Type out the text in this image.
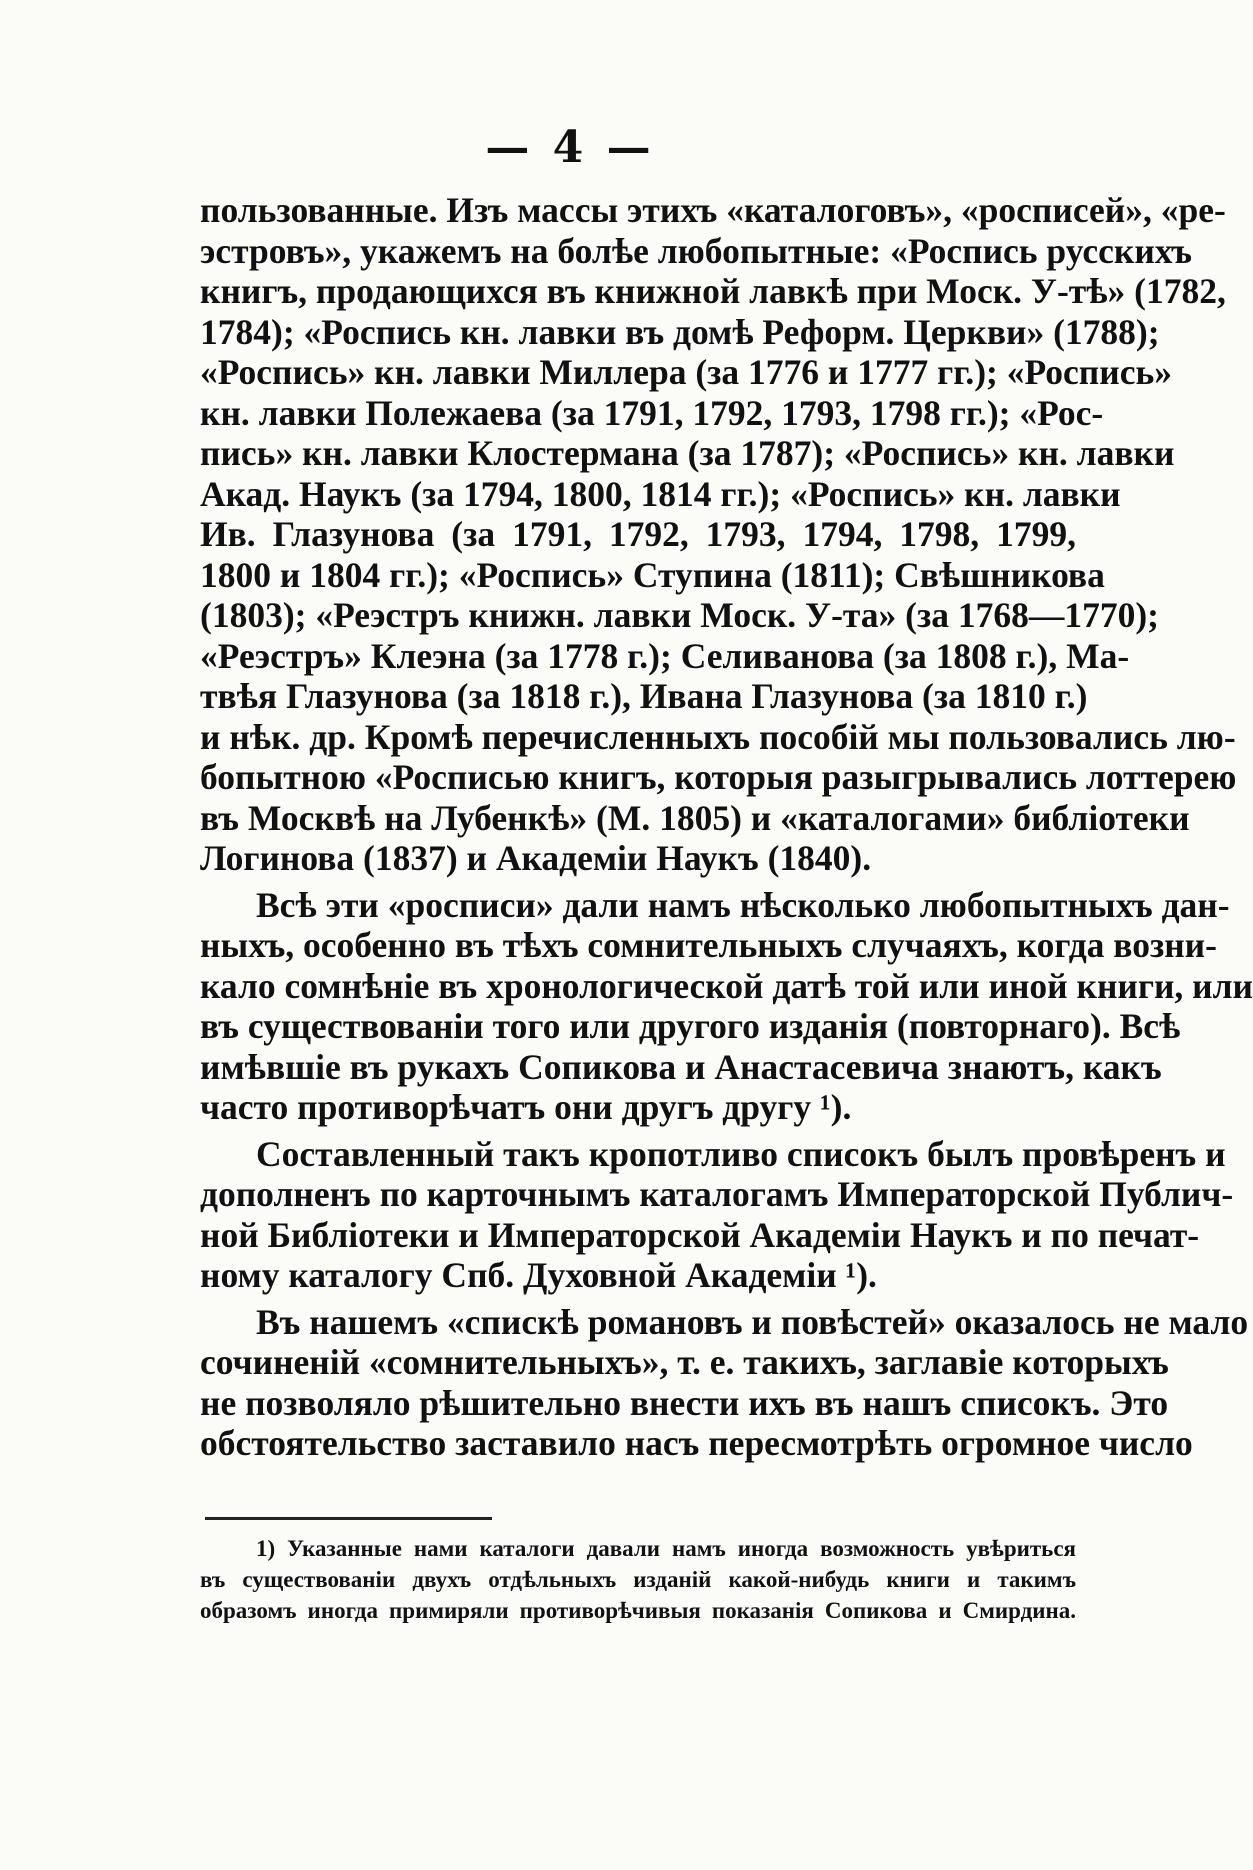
— 4 —
пользованные. Изъ массы этихъ «каталоговъ», «росписей», «ре-
эстровъ», укажемъ на болѣе любопытные: «Роспись русскихъ
книгъ, продающихся въ книжной лавкѣ при Моск. У-тѣ» (1782,
1784); «Роспись кн. лавки въ домѣ Реформ. Церкви» (1788);
«Роспись» кн. лавки Миллера (за 1776 и 1777 гг.); «Роспись»
кн. лавки Полежаева (за 1791, 1792, 1793, 1798 гг.); «Рос-
пись» кн. лавки Клостермана (за 1787); «Роспись» кн. лавки
Акад. Наукъ (за 1794, 1800, 1814 гг.); «Роспись» кн. лавки
Ив. Глазунова (за 1791, 1792, 1793, 1794, 1798, 1799,
1800 и 1804 гг.); «Роспись» Ступина (1811); Свѣшникова
(1803); «Реэстръ книжн. лавки Моск. У-та» (за 1768—1770);
«Реэстръ» Клеэна (за 1778 г.); Селиванова (за 1808 г.), Ма-
твѣя Глазунова (за 1818 г.), Ивана Глазунова (за 1810 г.)
и нѣк. др. Кромѣ перечисленныхъ пособій мы пользовались лю-
бопытною «Росписью книгъ, которыя разыгрывались лоттерею
въ Москвѣ на Лубенкѣ» (М. 1805) и «каталогами» библіотеки
Логинова (1837) и Академіи Наукъ (1840).
Всѣ эти «росписи» дали намъ нѣсколько любопытныхъ дан-
ныхъ, особенно въ тѣхъ сомнительныхъ случаяхъ, когда возни-
кало сомнѣніе въ хронологической датѣ той или иной книги, или
въ существованіи того или другого изданія (повторнаго). Всѣ
имѣвшіе въ рукахъ Сопикова и Анастасевича знаютъ, какъ
часто противорѣчатъ они другъ другу ¹).
Составленный такъ кропотливо списокъ былъ провѣренъ и
дополненъ по карточнымъ каталогамъ Императорской Публич-
ной Библіотеки и Императорской Академіи Наукъ и по печат-
ному каталогу Спб. Духовной Академіи ¹).
Въ нашемъ «спискѣ романовъ и повѣстей» оказалось не мало
сочиненій «сомнительныхъ», т. е. такихъ, заглавіе которыхъ
не позволяло рѣшительно внести ихъ въ нашъ списокъ. Это
обстоятельство заставило насъ пересмотрѣть огромное число
1) Указанные нами каталоги давали намъ иногда возможность увѣриться
въ существованіи двухъ отдѣльныхъ изданій какой-нибудь книги и такимъ
образомъ иногда примиряли противорѣчивыя показанія Сопикова и Смирдина.
